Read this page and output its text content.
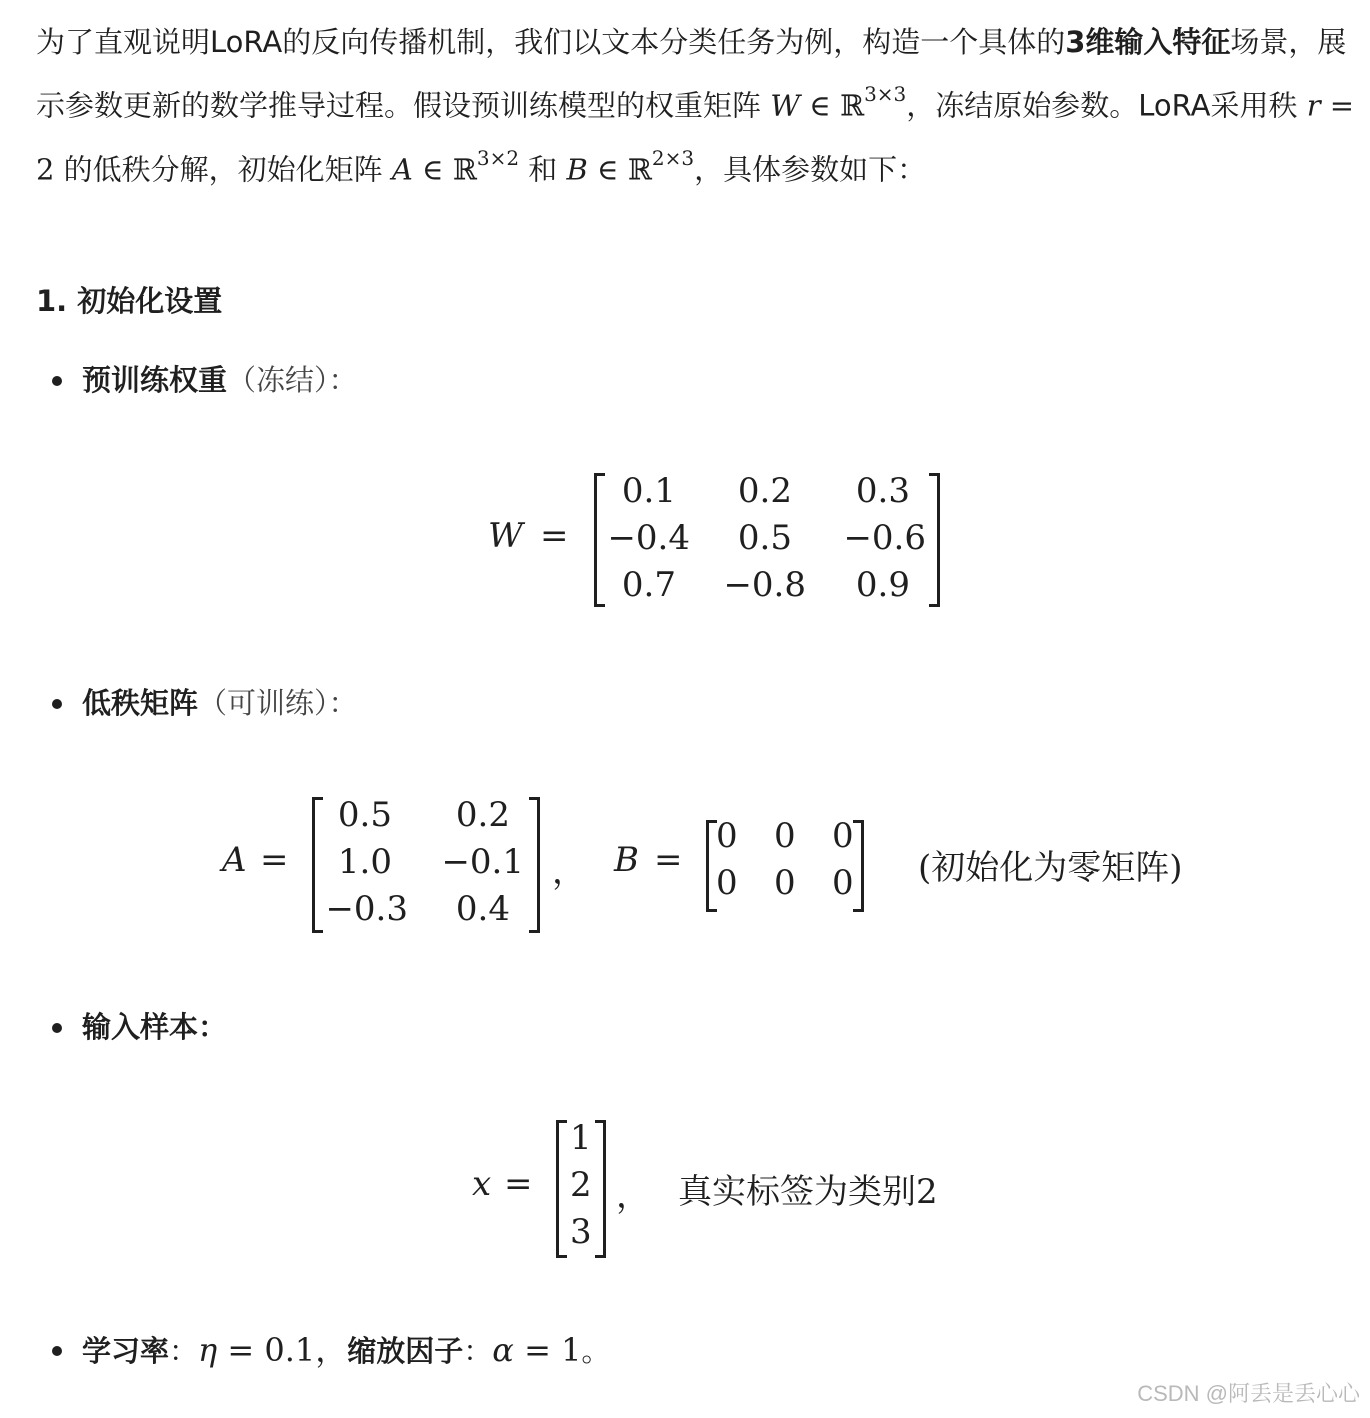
为了直观说明LoRA的反向传播机制，我们以文本分类任务为例，构造一个具体的3维输入特征场景，展示参数更新的数学推导过程。假设预训练模型的权重矩阵 W ∈ ℝ$^{3\times 3}$，冻结原始参数。LoRA采用秩 r = 2 的低秩分解，初始化矩阵 A ∈ ℝ$^{3\times 2}$ 和 B ∈ ℝ$^{2\times 3}$，具体参数如下：

1. 初始化设置

预训练权重（冻结）：

W =
0.1 0.2 0.3
−0.4 0.5 −0.6
0.7 −0.8 0.9

低秩矩阵（可训练）：

A =
0.5 0.2
1.0 −0.1
−0.3 0.4
， B =
0 0 0
0 0 0 (初始化为零矩阵)

输入样本：

x =
1
2
3
， 真实标签为类别2

学习率：η = 0.1，缩放因子：α = 1。

CSDN @阿丢是丢心心
